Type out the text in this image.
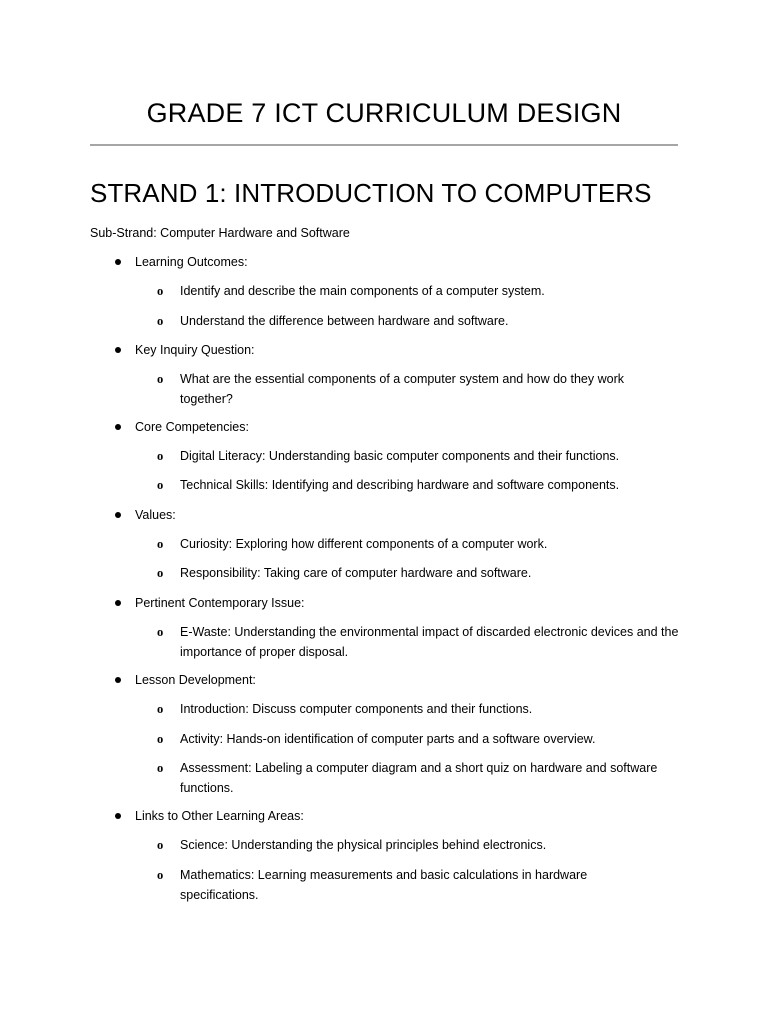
GRADE 7 ICT CURRICULUM DESIGN
STRAND 1: INTRODUCTION TO COMPUTERS

Sub-Strand: Computer Hardware and Software

Learning Outcomes:

o Identify and describe the main components of a computer system.

o Understand the difference between hardware and software.

Key Inquiry Question:

o What are the essential components of a computer system and how do they work together?

Core Competencies:

o Digital Literacy: Understanding basic computer components and their functions.

o Technical Skills: Identifying and describing hardware and software components.

Values:

o Curiosity: Exploring how different components of a computer work.

o Responsibility: Taking care of computer hardware and software.

Pertinent Contemporary Issue:

o E-Waste: Understanding the environmental impact of discarded electronic devices and the importance of proper disposal.

Lesson Development:

o Introduction: Discuss computer components and their functions.

o Activity: Hands-on identification of computer parts and a software overview.

o Assessment: Labeling a computer diagram and a short quiz on hardware and software functions.

Links to Other Learning Areas:

o Science: Understanding the physical principles behind electronics.

o Mathematics: Learning measurements and basic calculations in hardware specifications.
